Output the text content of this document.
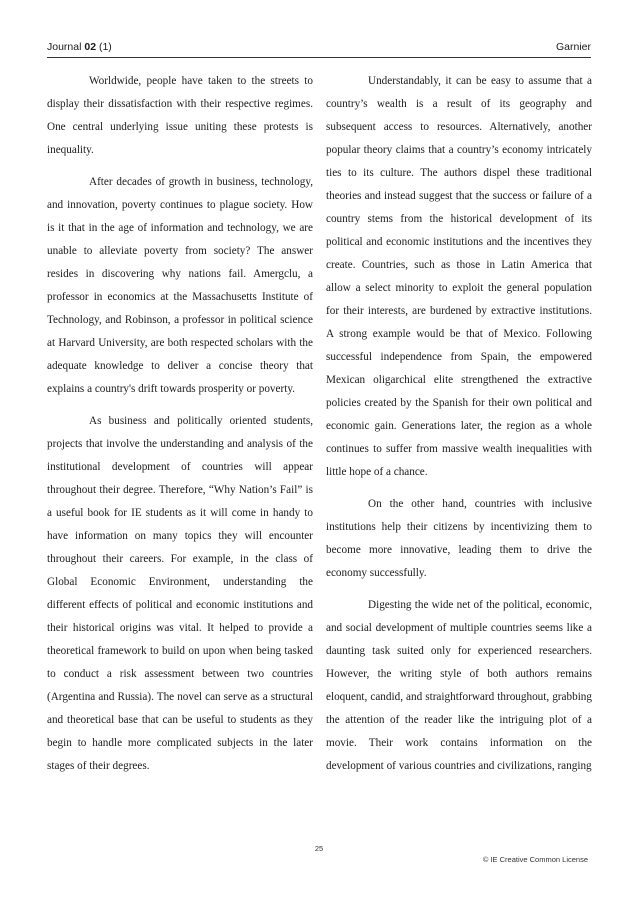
Journal 02 (1)	Garnier

Worldwide, people have taken to the streets to display their dissatisfaction with their respective regimes. One central underlying issue uniting these protests is inequality.

After decades of growth in business, technology, and innovation, poverty continues to plague society. How is it that in the age of information and technology, we are unable to alleviate poverty from society? The answer resides in discovering why nations fail. Amergclu, a professor in economics at the Massachusetts Institute of Technology, and Robinson, a professor in political science at Harvard University, are both respected scholars with the adequate knowledge to deliver a concise theory that explains a country's drift towards prosperity or poverty.

As business and politically oriented students, projects that involve the understanding and analysis of the institutional development of countries will appear throughout their degree. Therefore, “Why Nation’s Fail” is a useful book for IE students as it will come in handy to have information on many topics they will encounter throughout their careers. For example, in the class of Global Economic Environment, understanding the different effects of political and economic institutions and their historical origins was vital. It helped to provide a theoretical framework to build on upon when being tasked to conduct a risk assessment between two countries (Argentina and Russia). The novel can serve as a structural and theoretical base that can be useful to students as they begin to handle more complicated subjects in the later stages of their degrees.

Understandably, it can be easy to assume that a country’s wealth is a result of its geography and subsequent access to resources. Alternatively, another popular theory claims that a country’s economy intricately ties to its culture. The authors dispel these traditional theories and instead suggest that the success or failure of a country stems from the historical development of its political and economic institutions and the incentives they create. Countries, such as those in Latin America that allow a select minority to exploit the general population for their interests, are burdened by extractive institutions. A strong example would be that of Mexico. Following successful independence from Spain, the empowered Mexican oligarchical elite strengthened the extractive policies created by the Spanish for their own political and economic gain. Generations later, the region as a whole continues to suffer from massive wealth inequalities with little hope of a chance.

On the other hand, countries with inclusive institutions help their citizens by incentivizing them to become more innovative, leading them to drive the economy successfully.

Digesting the wide net of the political, economic, and social development of multiple countries seems like a daunting task suited only for experienced researchers. However, the writing style of both authors remains eloquent, candid, and straightforward throughout, grabbing the attention of the reader like the intriguing plot of a movie. Their work contains information on the development of various countries and civilizations, ranging

25
© IE Creative Common License
